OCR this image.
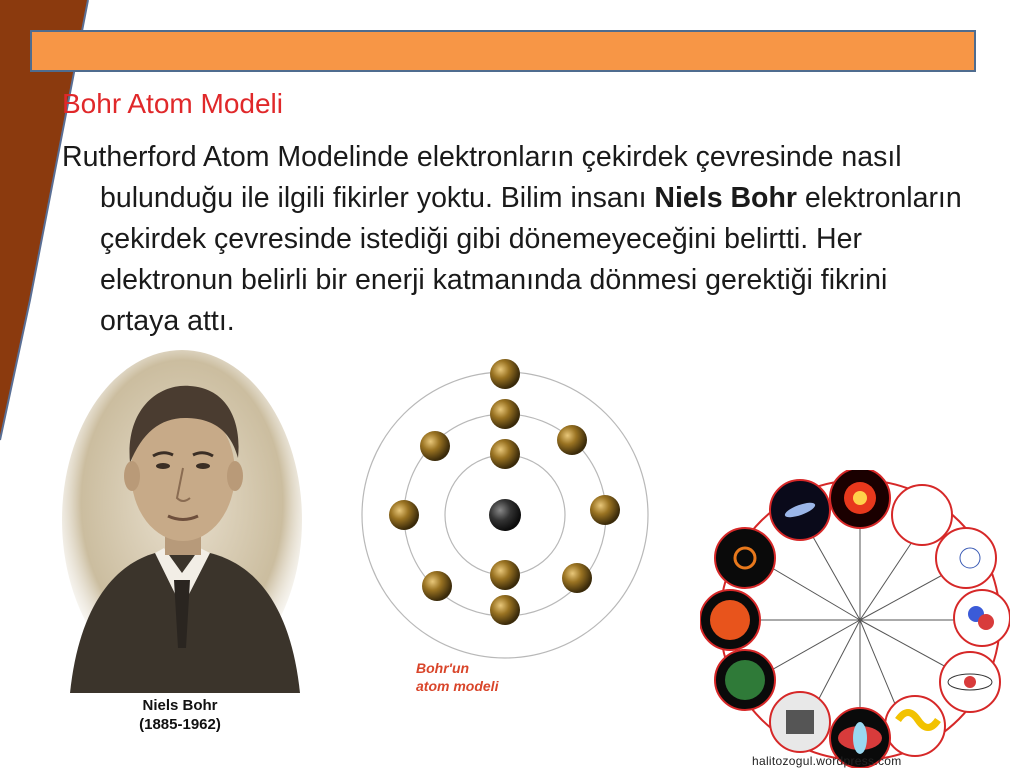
Bohr Atom Modeli

Rutherford Atom Modelinde elektronların çekirdek çevresinde nasıl bulunduğu ile ilgili fikirler yoktu. Bilim insanı Niels Bohr elektronların çekirdek çevresinde istediği gibi dönemeyeceğini belirtti. Her elektronun belirli bir enerji katmanında dönmesi gerektiği fikrini ortaya attı.

Niels Bohr
(1885-1962)
Bohr'un
atom modeli
halitozogul.wordpress.com
